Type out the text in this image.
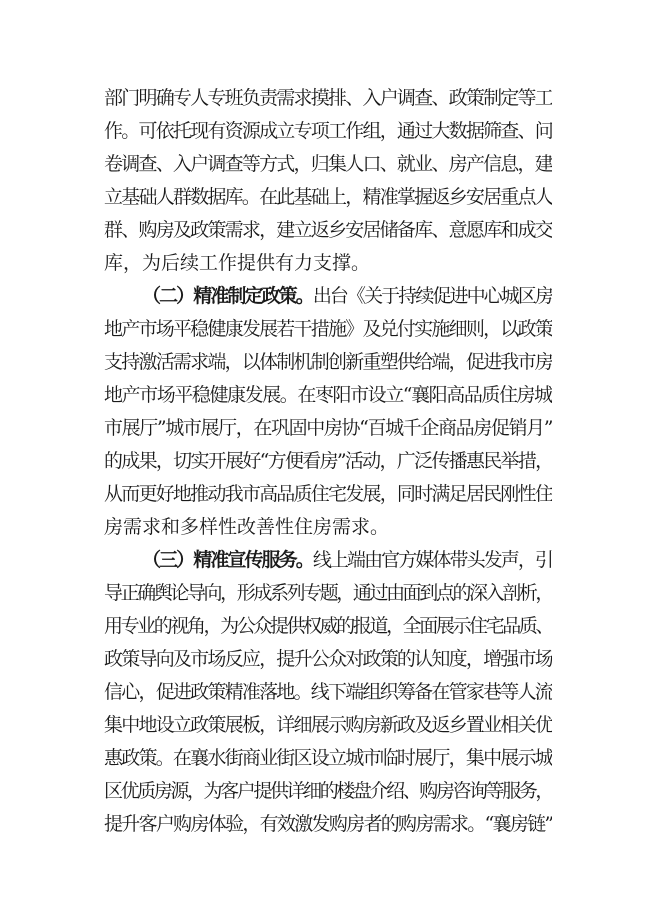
部门明确专人专班负责需求摸排、入户调查、政策制定等工
作。可依托现有资源成立专项工作组，通过大数据筛查、问
卷调查、入户调查等方式，归集人口、就业、房产信息，建
立基础人群数据库。在此基础上，精准掌握返乡安居重点人
群、购房及政策需求，建立返乡安居储备库、意愿库和成交
库，为后续工作提供有力支撑。
（二）精准制定政策。出台《关于持续促进中心城区房
地产市场平稳健康发展若干措施》及兑付实施细则，以政策
支持激活需求端，以体制机制创新重塑供给端，促进我市房
地产市场平稳健康发展。在枣阳市设立“襄阳高品质住房城
市展厅”城市展厅，在巩固中房协“百城千企商品房促销月”
的成果，切实开展好“方便看房”活动，广泛传播惠民举措，
从而更好地推动我市高品质住宅发展，同时满足居民刚性住
房需求和多样性改善性住房需求。
（三）精准宣传服务。线上端由官方媒体带头发声，引
导正确舆论导向，形成系列专题，通过由面到点的深入剖析，
用专业的视角，为公众提供权威的报道，全面展示住宅品质、
政策导向及市场反应，提升公众对政策的认知度，增强市场
信心，促进政策精准落地。线下端组织筹备在管家巷等人流
集中地设立政策展板，详细展示购房新政及返乡置业相关优
惠政策。在襄水街商业街区设立城市临时展厅，集中展示城
区优质房源，为客户提供详细的楼盘介绍、购房咨询等服务，
提升客户购房体验，有效激发购房者的购房需求。“襄房链”
